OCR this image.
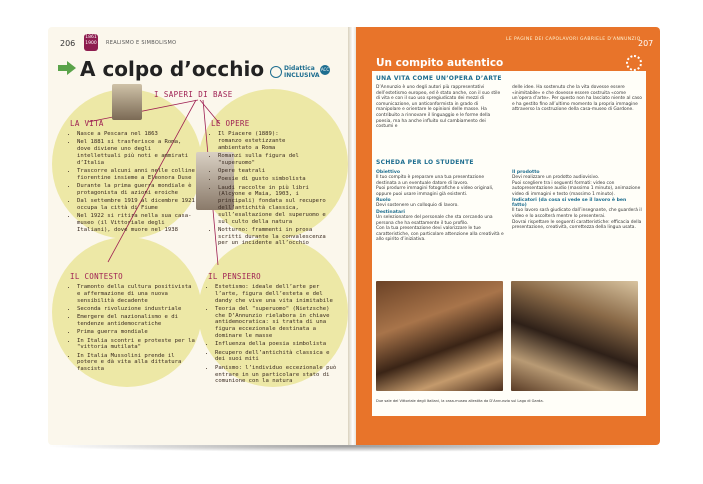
206
1861
1900 REALISMO E SIMBOLISMO
A colpo d’occhio	Didattica
INCLUSIVA
ACC
I SAPERI DI BASE
LA VITA
• Nasce a Pescara nel 1863
• Nel 1881 si trasferisce a Roma, dove diviene uno degli intellettuali più noti e ammirati d’Italia
• Trascorre alcuni anni nelle colline fiorentine insieme a Eleonora Duse
• Durante la prima guerra mondiale è protagonista di azioni eroiche
• Dal settembre 1919 al dicembre 1921 occupa la città di Fiume
• Nel 1922 si ritira nella sua casa-museo (il Vittoriale degli Italiani), dove muore nel 1938
LE OPERE
• Il Piacere (1889): romanzo estetizzante ambientato a Roma
• Romanzi sulla figura del "superuomo"
• Opere teatrali
• Poesie di gusto simbolista
• Laudi raccolte in più libri (Alcyone e Maia, 1903, i principali) fondata sul recupero dell’antichità classica, sull’esaltazione del superuomo e sul culto della natura
• Notturno: frammenti in prosa scritti durante la convalescenza per un incidente all’occhio
IL CONTESTO
• Tramonto della cultura positivista e affermazione di una nuova sensibilità decadente
• Seconda rivoluzione industriale
• Emergere del nazionalismo e di tendenze antidemocratiche
• Prima guerra mondiale
• In Italia scontri e proteste per la "vittoria mutilata"
• In Italia Mussolini prende il potere e dà vita alla dittatura fascista
IL PENSIERO
• Estetismo: ideale dell’arte per l’arte, figura dell’esteta e del dandy che vive una vita inimitabile
• Teoria del "superuomo" (Nietzsche) che D’Annunzio rielabora in chiave antidemocratica: si tratta di una figura eccezionale destinata a dominare le masse
• Influenza della poesia simbolista
• Recupero dell’antichità classica e dei suoi miti
• Panismo: l’individuo eccezionale può entrare in un particolare stato di comunione con la natura
LE PAGINE DEI CAPOLAVORI GABRIELE D’ANNUNZIO
207
Un compito autentico
UNA VITA COME UN’OPERA D’ARTE
D’Annunzio è uno degli autori più rappresentativi dell’estetismo europeo, ed è stato anche, con il suo stile di vita e con il suo uso spregiudicato dei mezzi di comunicazione, un anticonformista in grado di manipolare e orientare le opinioni delle masse. Ha contribuito a rinnovare il linguaggio e le forme della poesia, ma ha anche influito sul cambiamento dei costumi e
delle idee. Ha sostenuto che la vita dovesse essere «inimitabile» e che dovesse essere costruita «come un’opera d’arte». Per questo non ha lasciato niente al caso e ha gestito fino all’ultimo momento la propria immagine attraverso la costruzione della casa-museo di Gardone.
SCHEDA PER LO STUDENTE
Obiettivo
Il tuo compito è preparare una tua presentazione destinata a un eventuale datore di lavoro.
Puoi produrre immagini fotografiche o video originali, oppure puoi usare immagini già esistenti.
Ruolo
Devi sostenere un colloquio di lavoro.
Destinatari
Un selezionatore del personale che sta cercando una persona che ha esattamente il tuo profilo.
Con la tua presentazione devi valorizzare le tue caratteristiche, con particolare attenzione alla creatività e allo spirito d’iniziativa.
Il prodotto
Devi realizzare un prodotto audiovisivo.
Puoi scegliere tra i seguenti formati: video con autopresentazione audio (massimo 1 minuto), animazione video di immagini e testo (massimo 1 minuto).
Indicatori (da cosa si vede se il lavoro è ben fatto)
Il tuo lavoro sarà giudicato dall’insegnante, che guarderà il video e lo ascolterà mentre lo presenterai.
Dovrai rispettare le seguenti caratteristiche: efficacia della presentazione, creatività, correttezza della lingua usata.
Due sale del Vittoriale degli Italiani, la casa-museo allestita da D’Annunzio sul Lago di Garda.
